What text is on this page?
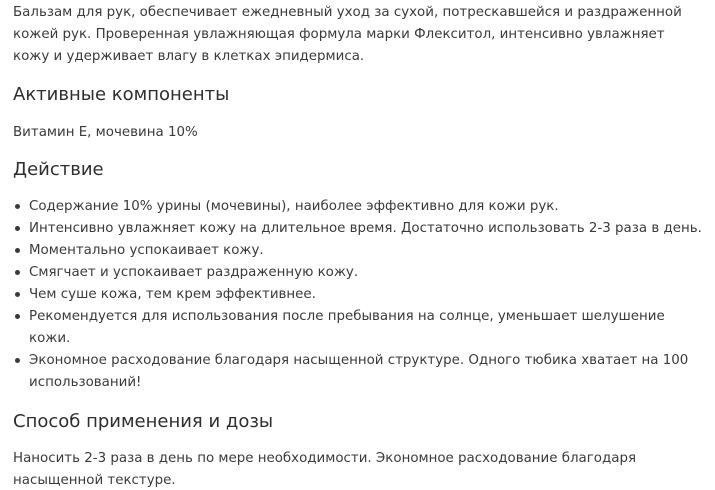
Бальзам для рук, обеспечивает ежедневный уход за сухой, потрескавшейся и раздраженной кожей рук. Проверенная увлажняющая формула марки Флекситол, интенсивно увлажняет кожу и удерживает влагу в клетках эпидермиса.

Активные компоненты

Витамин Е, мочевина 10%

Действие
Содержание 10% урины (мочевины), наиболее эффективно для кожи рук.
Интенсивно увлажняет кожу на длительное время. Достаточно использовать 2-3 раза в день.
Моментально успокаивает кожу.
Смягчает и успокаивает раздраженную кожу.
Чем суше кожа, тем крем эффективнее.
Рекомендуется для использования после пребывания на солнце, уменьшает шелушение кожи.
Экономное расходование благодаря насыщенной структуре. Одного тюбика хватает на 100 использований!
Способ применения и дозы

Наносить 2-3 раза в день по мере необходимости. Экономное расходование благодаря насыщенной текстуре.
